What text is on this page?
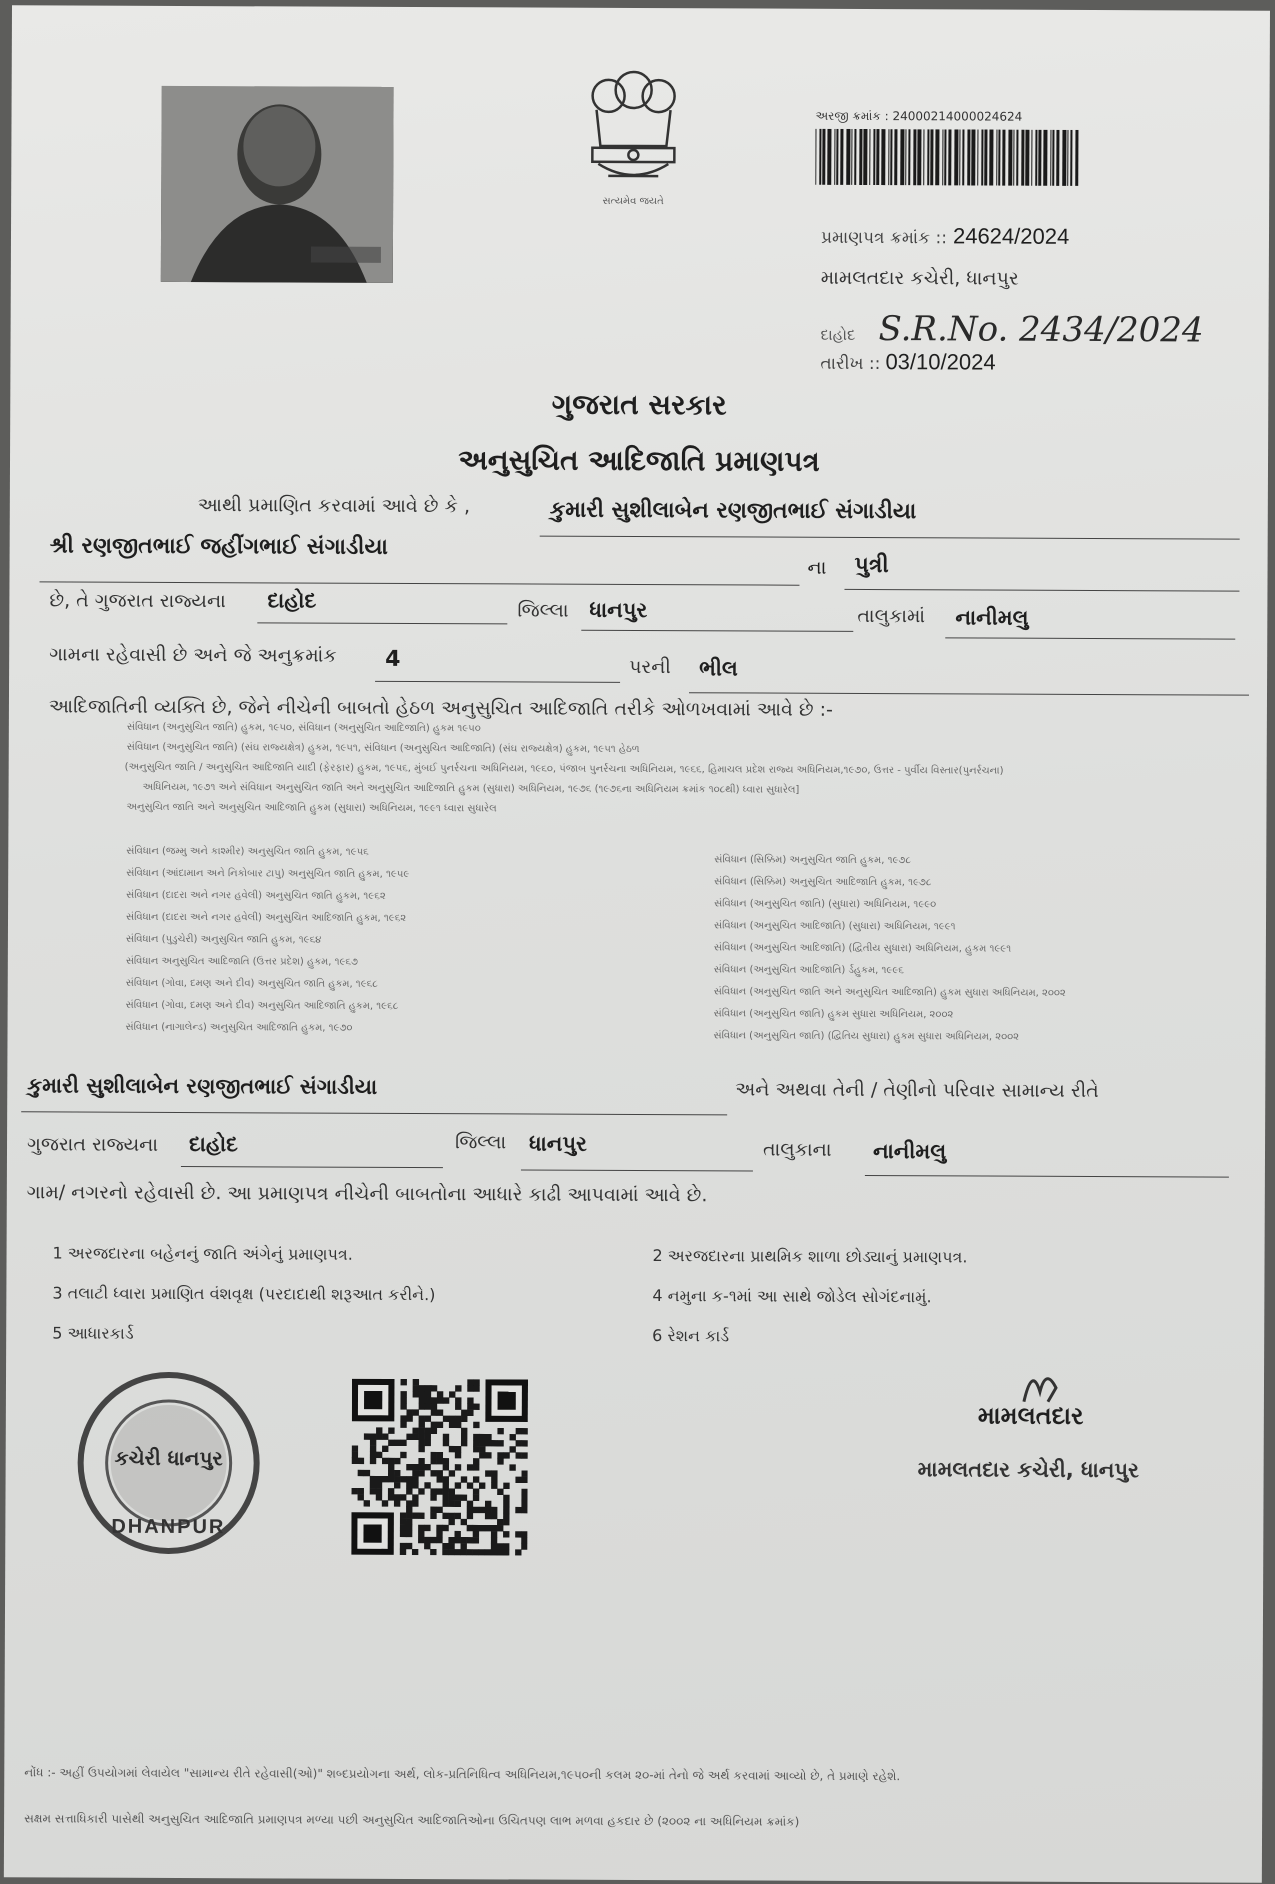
સત્યમેવ જયતે
અરજી ક્રમાંક : 24000214000024624
પ્રમાણપત્ર ક્રમાંક :: 24624/2024
મામલતદાર કચેરી, ધાનપુર
દાહોદ S.R.No. 2434/2024
તારીખ :: 03/10/2024
ગુજરાત સરકાર
અનુસુચિત આદિજાતિ પ્રમાણપત્ર
આથી પ્રમાણિત કરવામાં આવે છે કે ,	કુમારી સુશીલાબેન રણજીતભાઈ સંગાડીયા
શ્રી રણજીતભાઈ જહીંગભાઈ સંગાડીયા
ના પુત્રી
છે, તે ગુજરાત રાજ્યના દાહોદ	જિલ્લા ધાનપુર	તાલુકામાં નાનીમલુ
ગામના રહેવાસી છે અને જે અનુક્રમાંક 4	પરની ભીલ
આદિજાતિની વ્યક્તિ છે, જેને નીચેની બાબતો હેઠળ અનુસુચિત આદિજાતિ તરીકે ઓળખવામાં આવે છે :-
સંવિધાન (અનુસુચિત જાતિ) હુકમ, ૧૯૫૦, સંવિધાન (અનુસુચિત આદિજાતિ) હુકમ ૧૯૫૦
સંવિધાન (અનુસુચિત જાતિ) (સંઘ રાજ્યક્ષેત્ર) હુકમ, ૧૯૫૧, સંવિધાન (અનુસુચિત આદિજાતિ) (સંઘ રાજ્યક્ષેત્ર) હુકમ, ૧૯૫૧ હેઠળ
(અનુસુચિત જાતિ / અનુસુચિત આદિજાતિ યાદી (ફેરફાર) હુકમ, ૧૯૫૬, મુંબઈ પુનર્રચના અધિનિયમ, ૧૯૬૦, પંજાબ પુનર્રચના અધિનિયમ, ૧૯૬૬, હિમાચલ પ્રદેશ રાજ્ય અધિનિયમ,૧૯૭૦, ઉત્તર - પુર્વીય વિસ્તાર(પુનર્રચના)
અધિનિયમ, ૧૯૭૧ અને સંવિધાન અનુસુચિત જાતિ અને અનુસુચિત આદિજાતિ હુકમ (સુધારા) અધિનિયમ, ૧૯૭૬ (૧૯૭૬ના અધિનિયમ ક્રમાંક ૧૦૮થી) ધ્વારા સુધારેલ]
અનુસુચિત જાતિ અને અનુસુચિત આદિજાતિ હુકમ (સુધારા) અધિનિયમ, ૧૯૯૧ ધ્વારા સુધારેલ
સંવિધાન (જમ્મુ અને કાશ્મીર) અનુસુચિત જાતિ હુકમ, ૧૯૫૬
સંવિધાન (આંદામાન અને નિકોબાર ટાપુ) અનુસુચિત જાતિ હુકમ, ૧૯૫૯
સંવિધાન (દાદરા અને નગર હવેલી) અનુસુચિત જાતિ હુકમ, ૧૯૬૨
સંવિધાન (દાદરા અને નગર હવેલી) અનુસુચિત આદિજાતિ હુકમ, ૧૯૬૨
સંવિધાન (પુડુચેરી) અનુસુચિત જાતિ હુકમ, ૧૯૬૪
સંવિધાન અનુસુચિત આદિજાતિ (ઉત્તર પ્રદેશ) હુકમ, ૧૯૬૭
સંવિધાન (ગોવા, દમણ અને દીવ) અનુસુચિત જાતિ હુકમ, ૧૯૬૮
સંવિધાન (ગોવા, દમણ અને દીવ) અનુસુચિત આદિજાતિ હુકમ, ૧૯૬૮
સંવિધાન (નાગાલેન્ડ) અનુસુચિત આદિજાતિ હુકમ, ૧૯૭૦
સંવિધાન (સિક્કિમ) અનુસુચિત જાતિ હુકમ, ૧૯૭૮
સંવિધાન (સિક્કિમ) અનુસુચિત આદિજાતિ હુકમ, ૧૯૭૮
સંવિધાન (અનુસુચિત જાતિ) (સુધારા) અધિનિયમ, ૧૯૯૦
સંવિધાન (અનુસુચિત આદિજાતિ) (સુધારા) અધિનિયમ, ૧૯૯૧
સંવિધાન (અનુસુચિત આદિજાતિ) (દ્વિતીય સુધારા) અધિનિયમ, હુકમ ૧૯૯૧
સંવિધાન (અનુસુચિત આદિજાતિ) ર્ડહુકમ, ૧૯૯૬
સંવિધાન (અનુસુચિત જાતિ અને અનુસુચિત આદિજાતિ) હુકમ સુધારા અધિનિયમ, ૨૦૦૨
સંવિધાન (અનુસુચિત જાતિ) હુકમ સુધારા અધિનિયમ, ૨૦૦૨
સંવિધાન (અનુસુચિત જાતિ) (દ્વિતિય સુધારા) હુકમ સુધારા અધિનિયમ, ૨૦૦૨
કુમારી સુશીલાબેન રણજીતભાઈ સંગાડીયા	અને અથવા તેની / તેણીનો પરિવાર સામાન્ય રીતે
ગુજરાત રાજ્યના દાહોદ	જિલ્લા ધાનપુર	તાલુકાના નાનીમલુ
ગામ/ નગરનો રહેવાસી છે. આ પ્રમાણપત્ર નીચેની બાબતોના આધારે કાઢી આપવામાં આવે છે.
1 અરજદારના બહેનનું જાતિ અંગેનું પ્રમાણપત્ર.
3 તલાટી ધ્વારા પ્રમાણિત વંશવૃક્ષ (પરદાદાથી શરૂઆત કરીને.)
5 આધારકાર્ડ
2 અરજદારના પ્રાથમિક શાળા છોડ્યાનું પ્રમાણપત્ર.
4 નમુના ક-૧માં આ સાથે જોડેલ સોગંદનામું.
6 રેશન કાર્ડ
કચેરી ધાનપુર
DHANPUR
મામલતદાર
મામલતદાર કચેરી, ધાનપુર
નોંધ :- અહીં ઉપયોગમાં લેવાયેલ "સામાન્ય રીતે રહેવાસી(ઓ)" શબ્દપ્રયોગના અર્થ, લોક-પ્રતિનિધિત્વ અધિનિયમ,૧૯૫૦ની કલમ ૨૦-માં તેનો જે અર્થ કરવામાં આવ્યો છે, તે પ્રમાણે રહેશે.
સક્ષમ સત્તાધિકારી પાસેથી અનુસુચિત આદિજાતિ પ્રમાણપત્ર મળ્યા પછી અનુસુચિત આદિજાતિઓના ઉચિતપણ લાભ મળવા હકદાર છે (૨૦૦૨ ના અધિનિયમ ક્રમાંક)
